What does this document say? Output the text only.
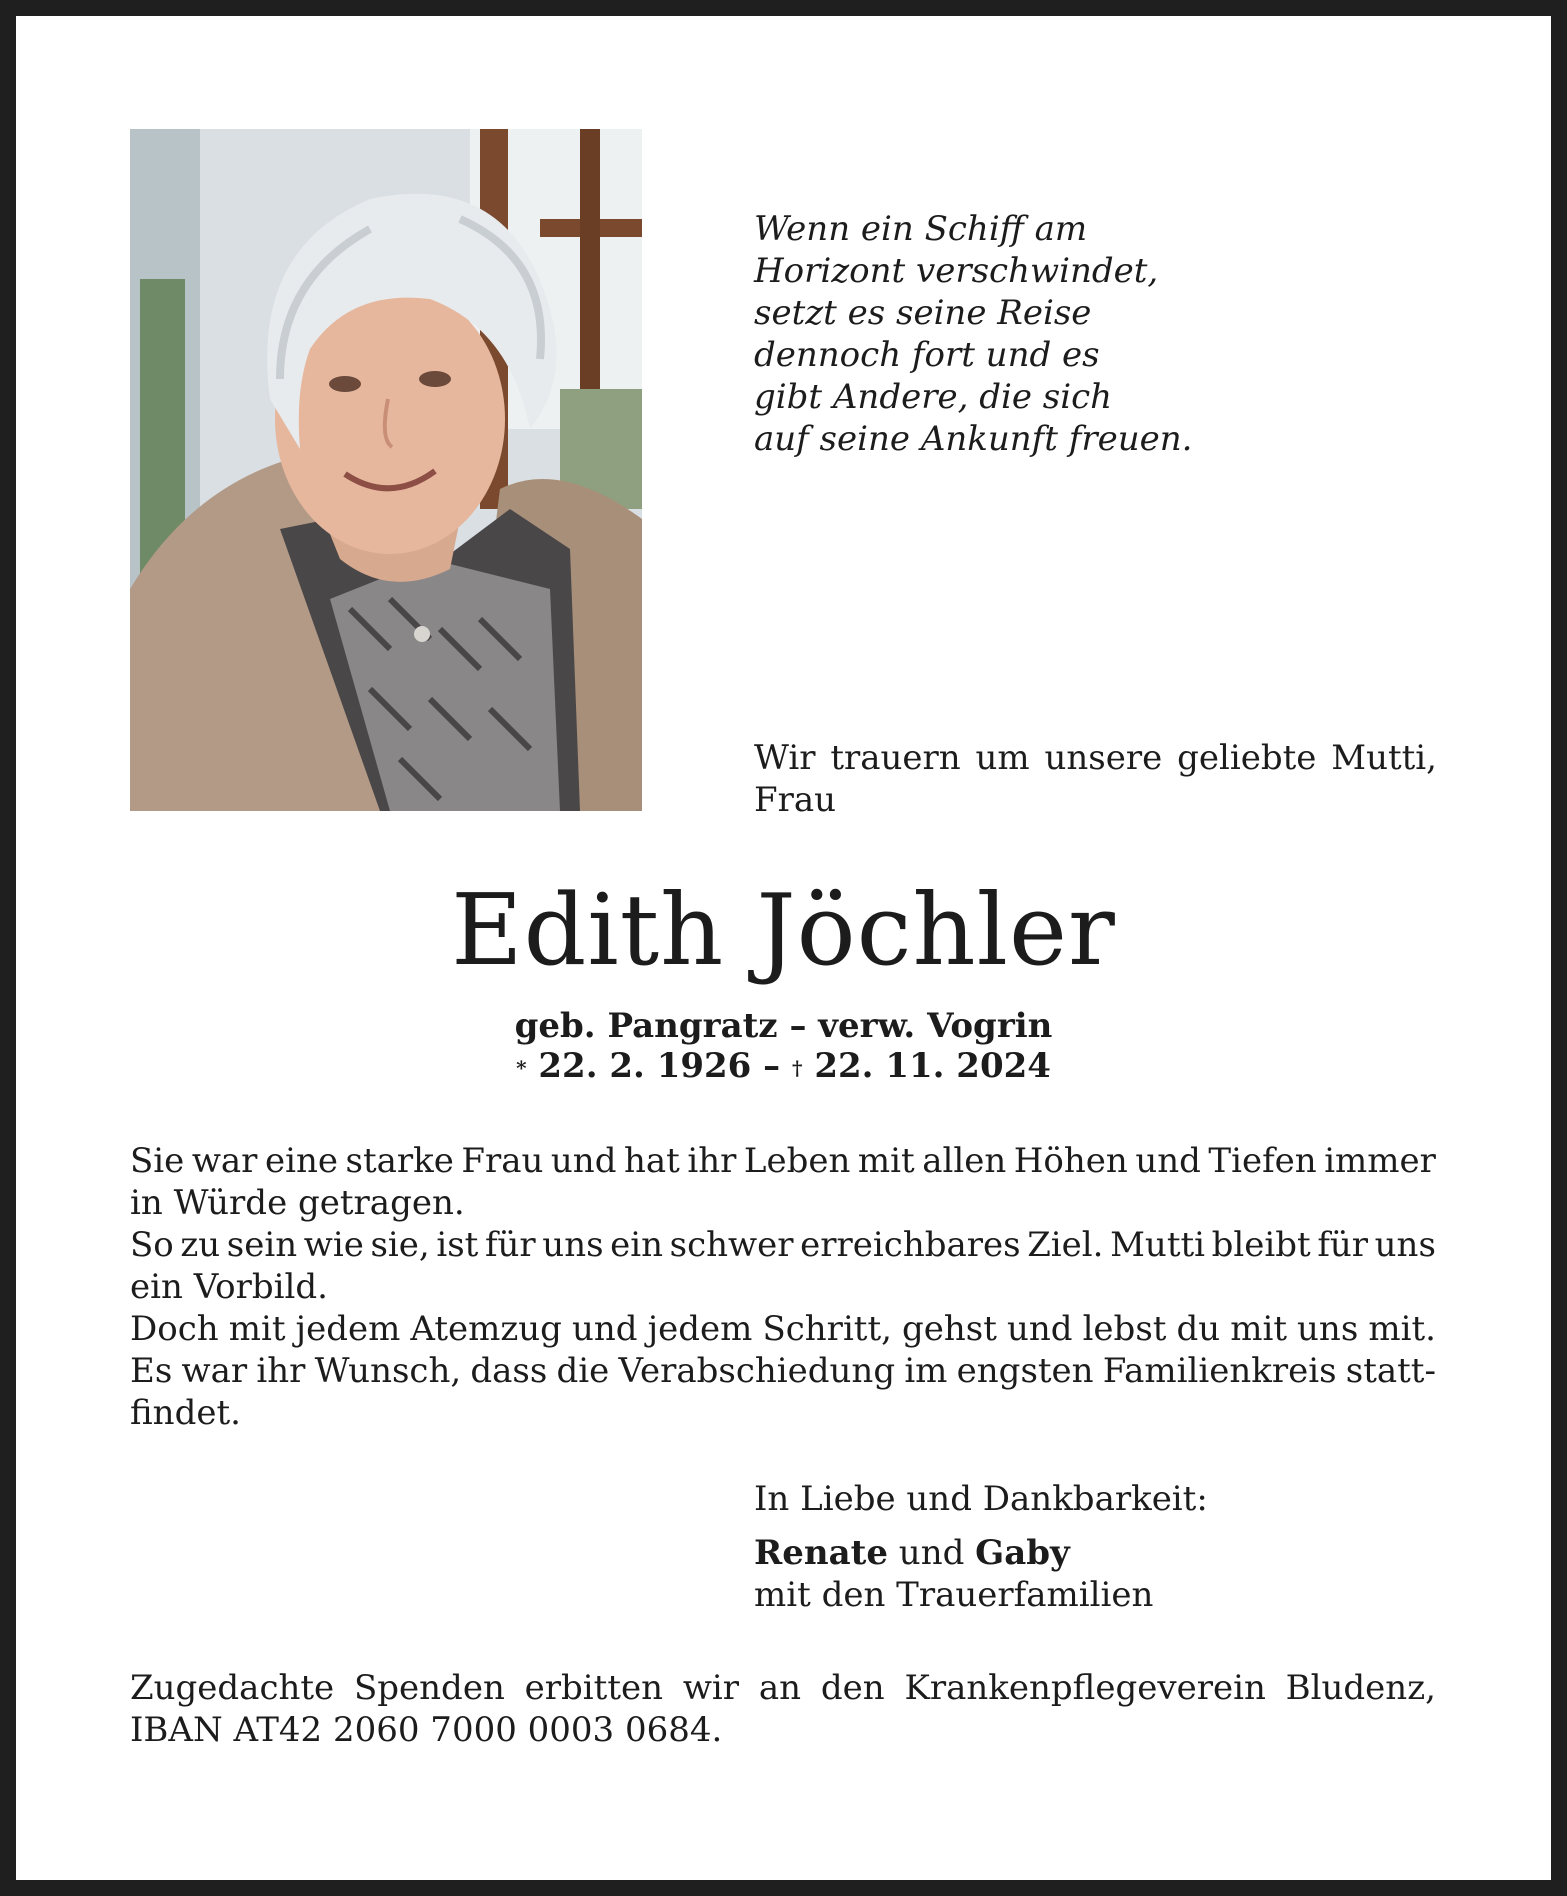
Wenn ein Schiff am
Horizont verschwindet,
setzt es seine Reise
dennoch fort und es
gibt Andere, die sich
auf seine Ankunft freuen.
Wir trauern um unsere geliebte Mutti,
Frau
Edith Jöchler
geb. Pangratz – verw. Vogrin
* 22. 2. 1926 – † 22. 11. 2024
Sie war eine starke Frau und hat ihr Leben mit allen Höhen und Tiefen immer
in Würde getragen.
So zu sein wie sie, ist für uns ein schwer erreichbares Ziel. Mutti bleibt für uns
ein Vorbild.
Doch mit jedem Atemzug und jedem Schritt, gehst und lebst du mit uns mit.
Es war ihr Wunsch, dass die Verabschiedung im engsten Familienkreis statt-
findet.
In Liebe und Dankbarkeit:
Renate und Gaby
mit den Trauerfamilien
Zugedachte Spenden erbitten wir an den Krankenpflegeverein Bludenz,
IBAN AT42 2060 7000 0003 0684.
